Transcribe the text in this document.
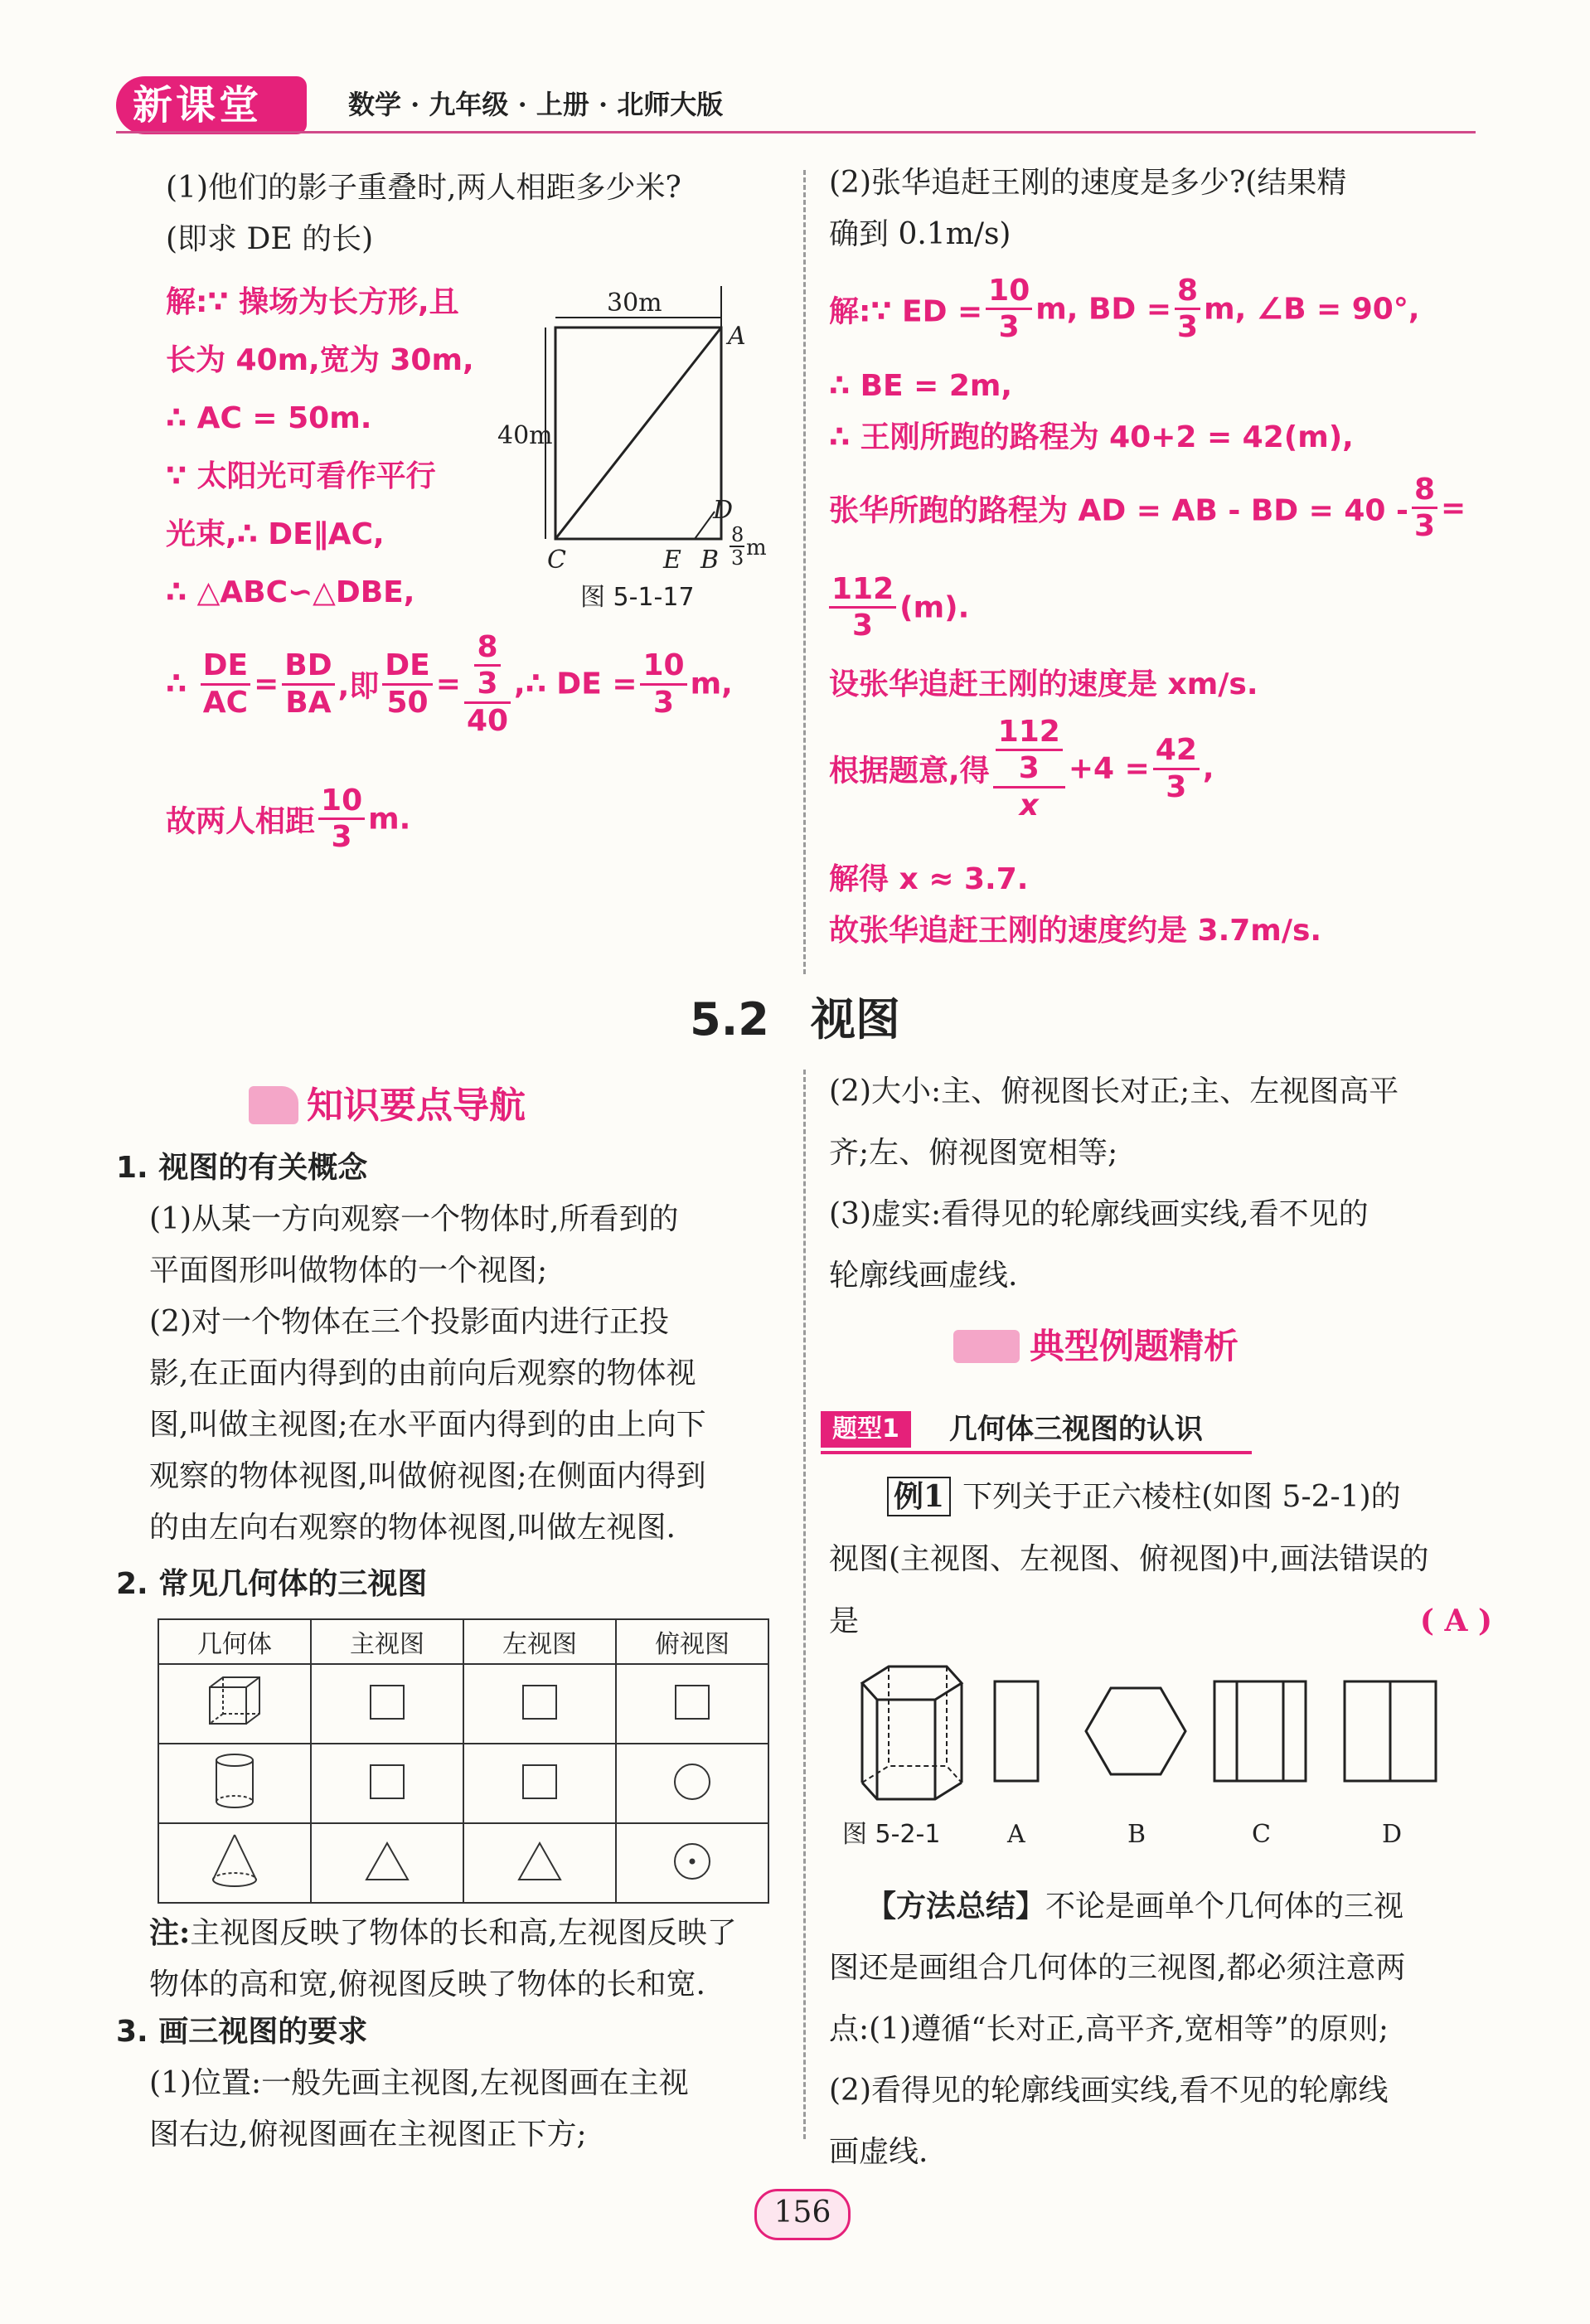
新课堂	数学 · 九年级 · 上册 · 北师大版
(1)他们的影子重叠时,两人相距多少米?
(即求 DE 的长)
解:∵ 操场为长方形,且
长为 40m,宽为 30m,
∴ AC = 50m.
∵ 太阳光可看作平行
光束,∴ DE∥AC,
∴ △ABC∽△DBE,
∴ $\frac{DE}{AC} = \frac{BD}{BA}$ ,即 $\frac{DE}{50} = \frac{\frac{8}{3}}{40}$ ,∴ DE = $\frac{10}{3} m$,
故两人相距 $\frac{10}{3} m$.
30m
40m
A
C	E B
D
8
3 m
图 5-1-17
(2)张华追赶王刚的速度是多少?(结果精
确到 0.1m/s)
解:∵ ED = $\frac{10}{3} m$, BD = $\frac{8}{3} m$, ∠B = 90°,
∴ BE = 2m,
∴ 王刚所跑的路程为 40+2 = 42(m),
张华所跑的路程为 AD = AB - BD = $40 - \frac{8}{3}$ =
$\frac{112}{3} (m)$.
设张华追赶王刚的速度是 xm/s.
根据题意,得 $\frac{\frac{112}{3}}{x} +4 = \frac{42}{3}$ ,
解得 x ≈ 3.7.
故张华追赶王刚的速度约是 3.7m/s.
5.2 视图
知识要点导航
1. 视图的有关概念
(1)从某一方向观察一个物体时,所看到的
平面图形叫做物体的一个视图;
(2)对一个物体在三个投影面内进行正投
影,在正面内得到的由前向后观察的物体视
图,叫做主视图;在水平面内得到的由上向下
观察的物体视图,叫做俯视图;在侧面内得到
的由左向右观察的物体视图,叫做左视图.
2. 常见几何体的三视图
几何体	主视图	左视图	俯视图

注:主视图反映了物体的长和高,左视图反映了
物体的高和宽,俯视图反映了物体的长和宽.
3. 画三视图的要求
(1)位置:一般先画主视图,左视图画在主视
图右边,俯视图画在主视图正下方;
(2)大小:主、俯视图长对正;主、左视图高平
齐;左、俯视图宽相等;
(3)虚实:看得见的轮廓线画实线,看不见的
轮廓线画虚线.
典型例题精析
题型1	几何体三视图的认识
例1 下列关于正六棱柱(如图 5-2-1)的
视图(主视图、左视图、俯视图)中,画法错误的
是	( A )
图 5-2-1	A	B	C	D
【方法总结】不论是画单个几何体的三视
图还是画组合几何体的三视图,都必须注意两
点:(1)遵循“长对正,高平齐,宽相等”的原则;
(2)看得见的轮廓线画实线,看不见的轮廓线
画虚线.
156
